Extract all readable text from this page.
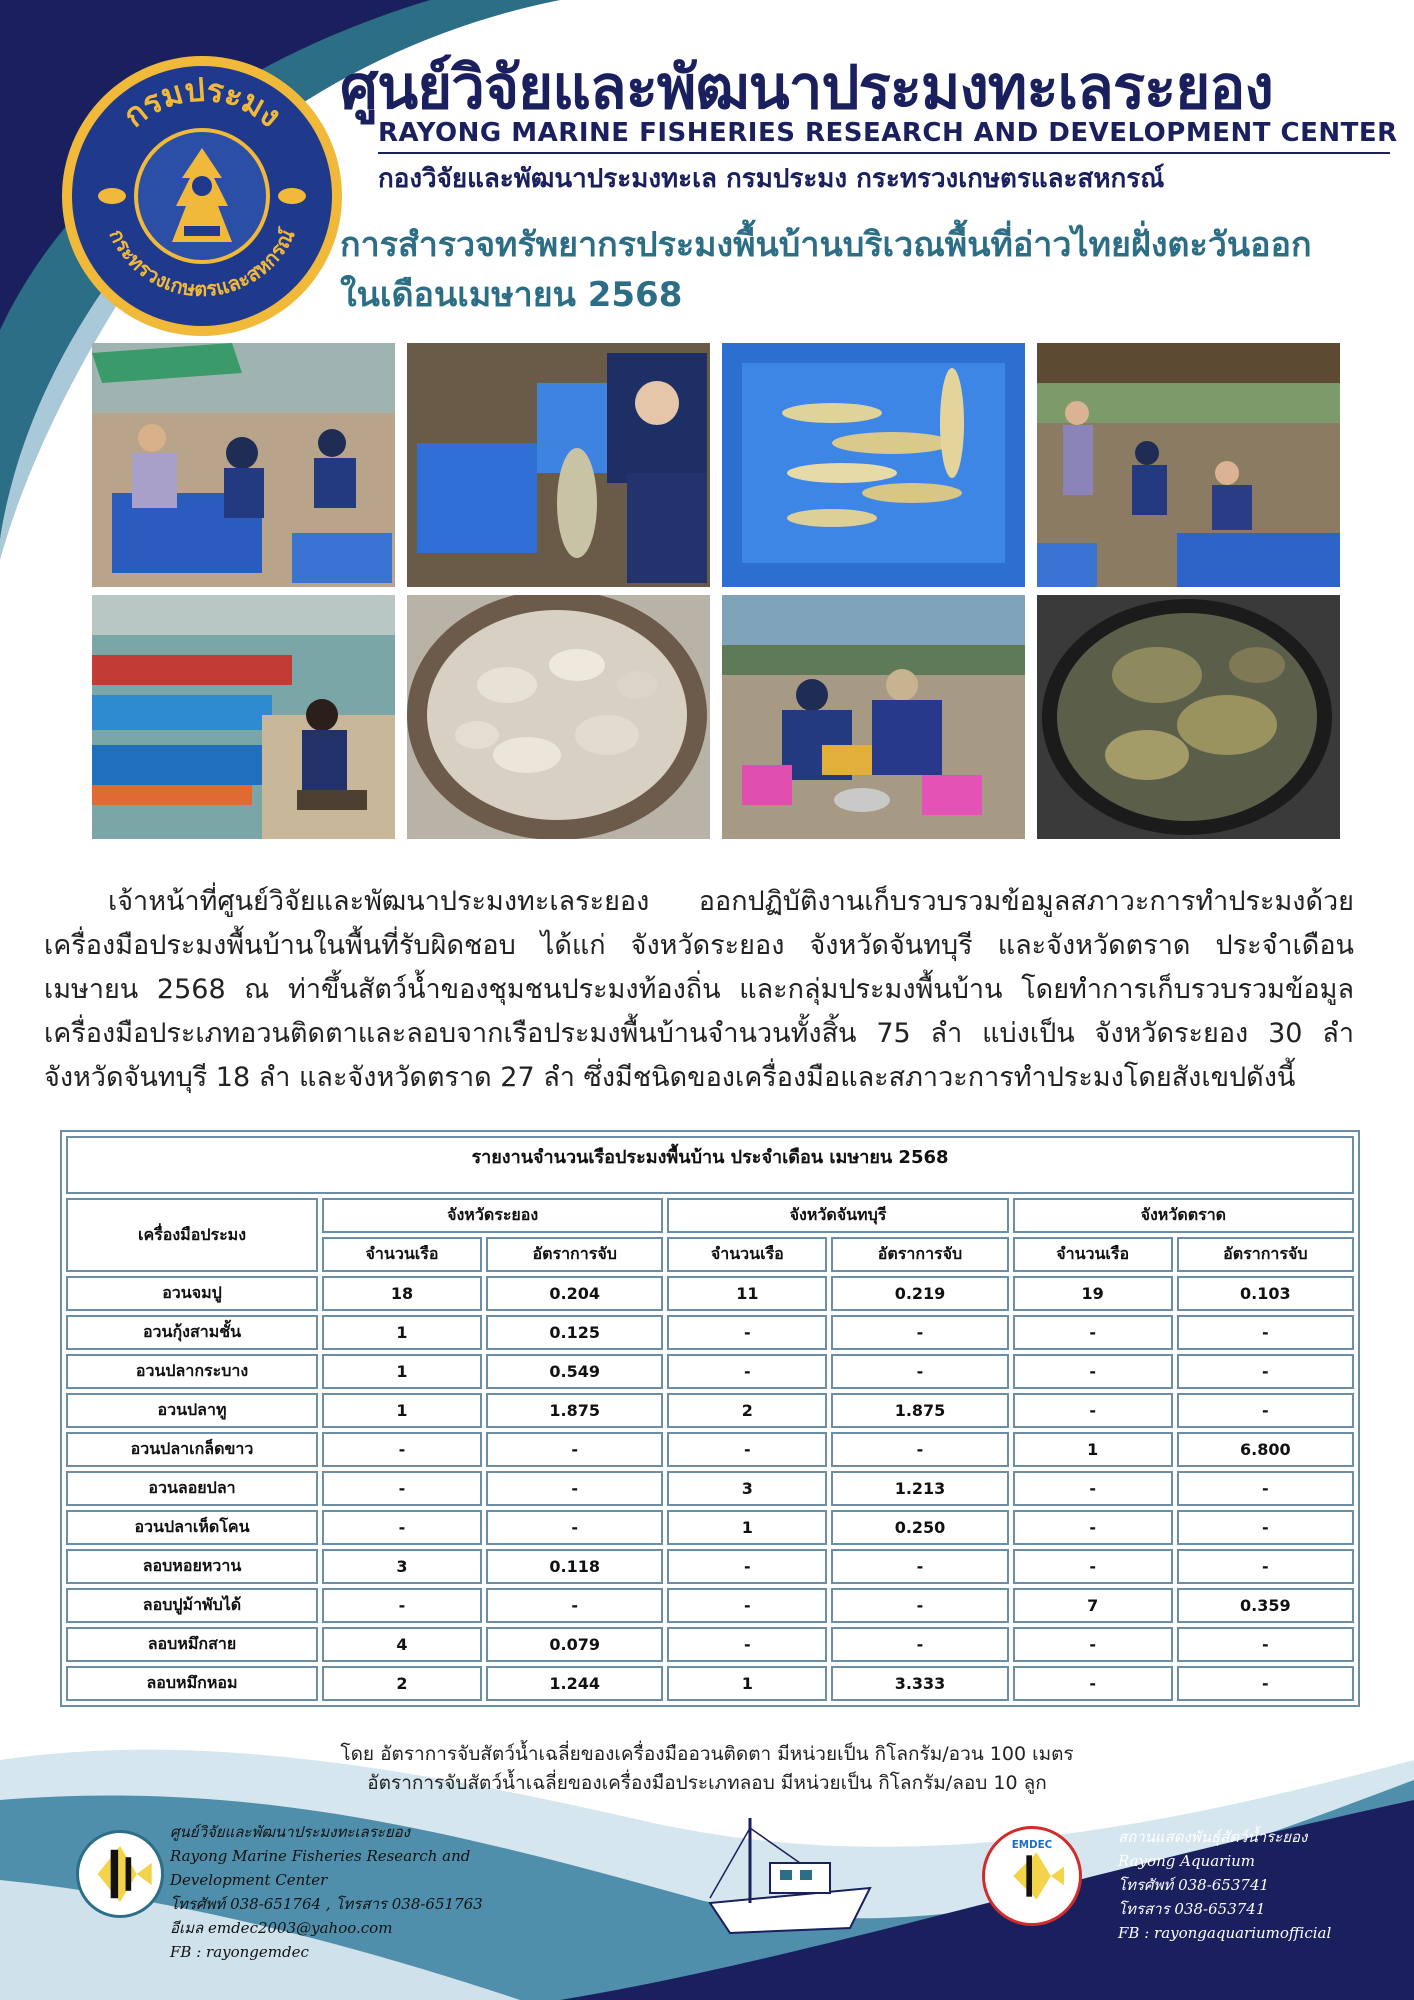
กรมประมง
กระทรวงเกษตรและสหกรณ์
ศูนย์วิจัยและพัฒนาประมงทะเลระยอง
RAYONG MARINE FISHERIES RESEARCH AND DEVELOPMENT CENTER
กองวิจัยและพัฒนาประมงทะเล กรมประมง กระทรวงเกษตรและสหกรณ์
การสำรวจทรัพยากรประมงพื้นบ้านบริเวณพื้นที่อ่าวไทยฝั่งตะวันออก
ในเดือนเมษายน 2568
เจ้าหน้าที่ศูนย์วิจัยและพัฒนาประมงทะเลระยอง ออกปฏิบัติงานเก็บรวบรวมข้อมูลสภาวะการทำประมงด้วยเครื่องมือประมงพื้นบ้านในพื้นที่รับผิดชอบ ได้แก่ จังหวัดระยอง จังหวัดจันทบุรี และจังหวัดตราด ประจำเดือนเมษายน 2568 ณ ท่าขึ้นสัตว์น้ำของชุมชนประมงท้องถิ่น และกลุ่มประมงพื้นบ้าน โดยทำการเก็บรวบรวมข้อมูลเครื่องมือประเภทอวนติดตาและลอบจากเรือประมงพื้นบ้านจำนวนทั้งสิ้น 75 ลำ แบ่งเป็น จังหวัดระยอง 30 ลำ จังหวัดจันทบุรี 18 ลำ และจังหวัดตราด 27 ลำ ซึ่งมีชนิดของเครื่องมือและสภาวะการทำประมงโดยสังเขปดังนี้
รายงานจำนวนเรือประมงพื้นบ้าน ประจำเดือน เมษายน 2568						
เครื่องมือประมง	จังหวัดระยอง		จังหวัดจันทบุรี		จังหวัดตราด	
	จำนวนเรือ	อัตราการจับ	จำนวนเรือ	อัตราการจับ	จำนวนเรือ	อัตราการจับ
อวนจมปู	18	0.204	11	0.219	19	0.103
อวนกุ้งสามชั้น	1	0.125	-	-	-	-
อวนปลากระบาง	1	0.549	-	-	-	-
อวนปลาทู	1	1.875	2	1.875	-	-
อวนปลาเกล็ดขาว	-	-	-	-	1	6.800
อวนลอยปลา	-	-	3	1.213	-	-
อวนปลาเห็ดโคน	-	-	1	0.250	-	-
ลอบหอยหวาน	3	0.118	-	-	-	-
ลอบปูม้าพับได้	-	-	-	-	7	0.359
ลอบหมึกสาย	4	0.079	-	-	-	-
ลอบหมึกหอม	2	1.244	1	3.333	-	-
โดย อัตราการจับสัตว์น้ำเฉลี่ยของเครื่องมืออวนติดตา มีหน่วยเป็น กิโลกรัม/อวน 100 เมตร
อัตราการจับสัตว์น้ำเฉลี่ยของเครื่องมือประเภทลอบ มีหน่วยเป็น กิโลกรัม/ลอบ 10 ลูก
ศูนย์วิจัยและพัฒนาประมงทะเลระยอง
Rayong Marine Fisheries Research and
Development Center
โทรศัพท์ 038-651764 , โทรสาร 038-651763
อีเมล emdec2003@yahoo.com
FB : rayongemdec
EMDEC	สถานแสดงพันธุ์สัตว์น้ำระยอง
Rayong Aquarium
โทรศัพท์ 038-653741
โทรสาร 038-653741
FB : rayongaquariumofficial
